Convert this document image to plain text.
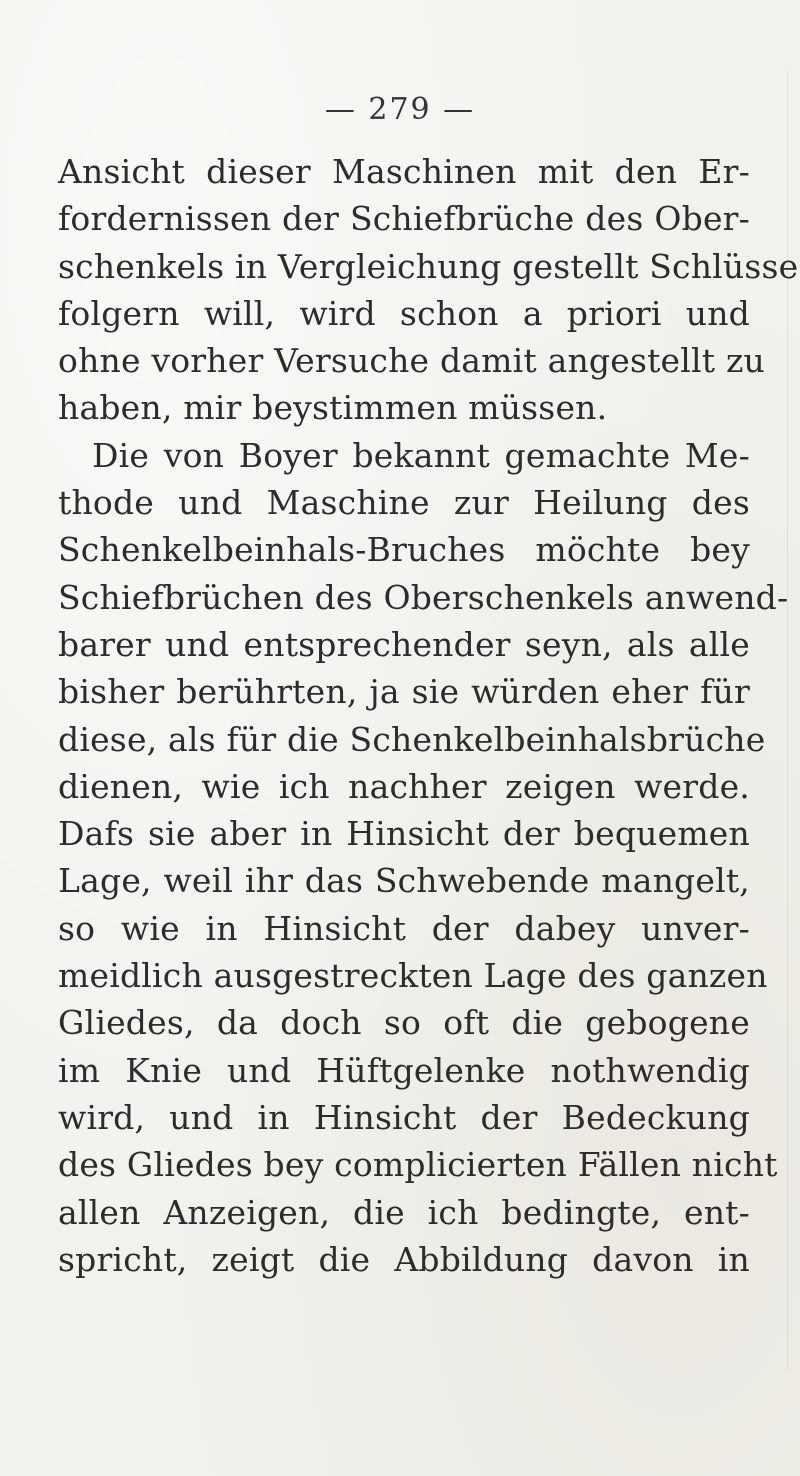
— 279 —
Ansicht dieser Maschinen mit den Er-
fordernissen der Schiefbrüche des Ober-
schenkels in Vergleichung gestellt Schlüsse
folgern will, wird schon a priori und
ohne vorher Versuche damit angestellt zu
haben, mir beystimmen müssen.
Die von Boyer bekannt gemachte Me-
thode und Maschine zur Heilung des
Schenkelbeinhals-Bruches möchte bey
Schiefbrüchen des Oberschenkels anwend-
barer und entsprechender seyn, als alle
bisher berührten, ja sie würden eher für
diese, als für die Schenkelbeinhalsbrüche
dienen, wie ich nachher zeigen werde.
Dafs sie aber in Hinsicht der bequemen
Lage, weil ihr das Schwebende mangelt,
so wie in Hinsicht der dabey unver-
meidlich ausgestreckten Lage des ganzen
Gliedes, da doch so oft die gebogene
im Knie und Hüftgelenke nothwendig
wird, und in Hinsicht der Bedeckung
des Gliedes bey complicierten Fällen nicht
allen Anzeigen, die ich bedingte, ent-
spricht, zeigt die Abbildung davon in
